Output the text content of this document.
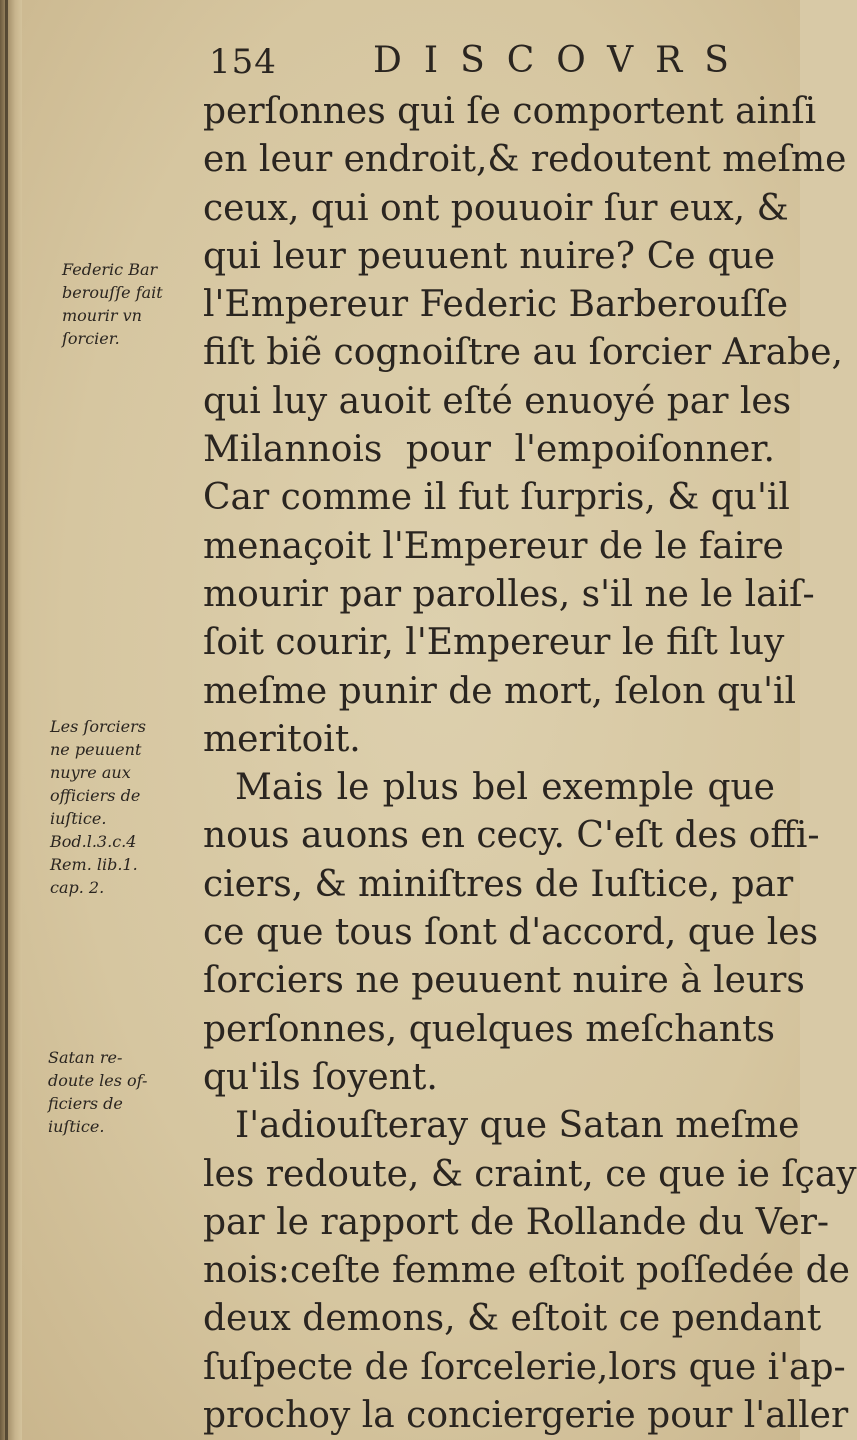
154	DISCOVRS
perſonnes qui ſe comportent ainſi
en leur endroit,& redoutent meſme
ceux, qui ont pouuoir ſur eux, &
qui leur peuuent nuire? Ce que
l'Empereur Federic Barberouſſe
fiſt biẽ cognoiſtre au ſorcier Arabe,
qui luy auoit eſté enuoyé par les
Milannois pour l'empoiſonner.
Car comme il fut ſurpris, & qu'il
menaçoit l'Empereur de le faire
mourir par parolles, s'il ne le laiſ-
ſoit courir, l'Empereur le fiſt luy
meſme punir de mort, ſelon qu'il
meritoit.
Mais le plus bel exemple que
nous auons en cecy. C'eſt des offi-
ciers, & miniſtres de Iuſtice, par
ce que tous ſont d'accord, que les
ſorciers ne peuuent nuire à leurs
perſonnes, quelques meſchants
qu'ils ſoyent.
I'adiouſteray que Satan meſme
les redoute, & craint, ce que ie ſçay
par le rapport de Rollande du Ver-
nois:ceſte femme eſtoit poſſedée de
deux demons, & eſtoit ce pendant
ſuſpecte de ſorcelerie,lors que i'ap-
prochoy la conciergerie pour l'aller
Federic Bar
berouſſe fait
mourir vn
ſorcier.
Les ſorciers
ne peuuent
nuyre aux
officiers de
iuſtice.
Bod.l.3.c.4
Rem. lib.1.
cap. 2.
Satan re-
doute les of-
ficiers de
iuſtice.
